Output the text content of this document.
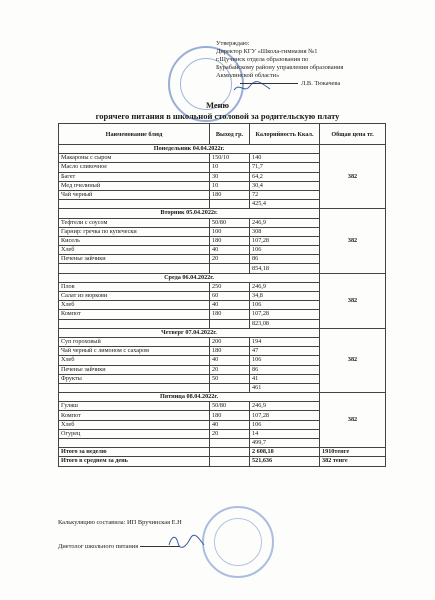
Утверждаю:
Директор КГУ «Школа-гимназия №1
г.Щучинск отдела образования по
Бурабайскому району управления образования
Акмолинской области»
Л.В. Тюкачева
Меню
горячего питания в школьной столовой за родительскую плату
Наименование блюд	Выход гр.	Калорийность Ккал.	Общая цена тг.
Понедельник 04.04.2022г.			382
Макароны с сыром	150/10	140	
Масло сливочное	10	71,7	
Багет	30	64,2	
Мед пчелиный	10	30,4	
Чай черный	180	72	
		425,4	
Вторник 05.04.2022г.			382
Тефтели с соусом	50/80	246,9	
Гарнир: гречка по купечески	100	308	
Кисель	180	107,28	
Хлеб	40	106	
Печенье зайчики	20	86	
		854,18	
Среда 06.04.2022г.			382
Плов	250	246,9	
Салат из моркови	60	34,8	
Хлеб	40	106	
Компот	180	107,28	
		823,08	
Четверг 07.04.2022г.			382
Суп гороховый	200	194	
Чай черный с лимоном с сахаром	180	47	
Хлеб	40	106	
Печенье зайчики	20	86	
Фрукты	50	41	
		461	
Пятница 08.04.2022г.			382
Гуляш	50/80	246,9	
Компот	180	107,28	
Хлеб	40	106	
Огурец	20	14	
		499,7	
Итого за неделю		2 608,18	1910тенге
Итого в среднем за день		521,636	382 тенге
Калькуляцию составила: ИП Вручинская Е.Н
Диетолог школьного питания
